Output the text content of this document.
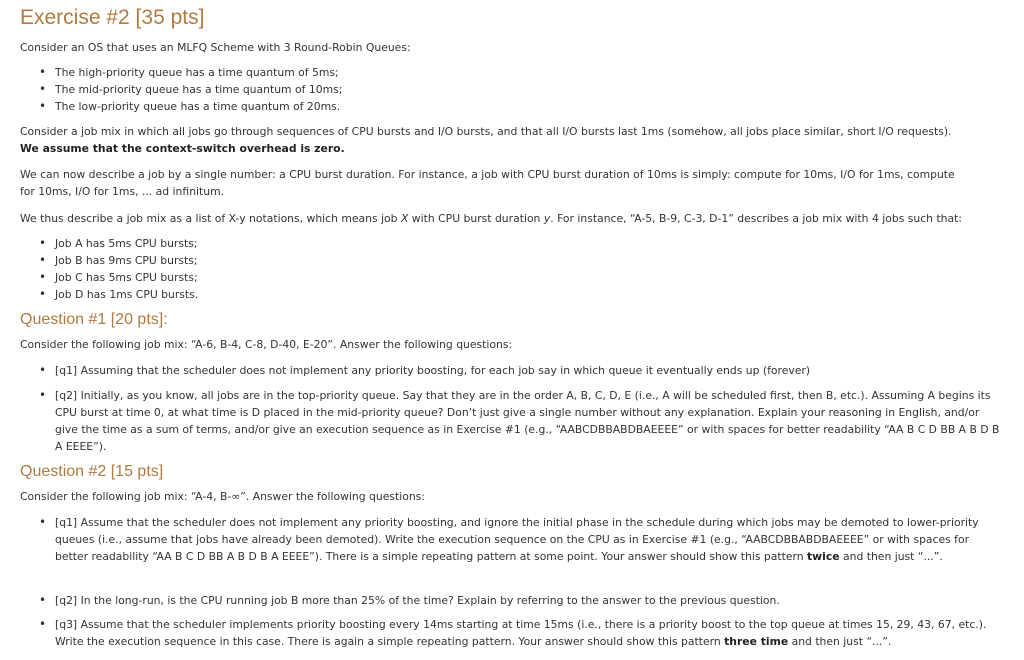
Exercise #2 [35 pts]

Consider an OS that uses an MLFQ Scheme with 3 Round-Robin Queues:

• The high-priority queue has a time quantum of 5ms;

• The mid-priority queue has a time quantum of 10ms;

• The low-priority queue has a time quantum of 20ms.

Consider a job mix in which all jobs go through sequences of CPU bursts and I/O bursts, and that all I/O bursts last 1ms (somehow, all jobs place similar, short I/O requests).
We assume that the context-switch overhead is zero.

We can now describe a job by a single number: a CPU burst duration. For instance, a job with CPU burst duration of 10ms is simply: compute for 10ms, I/O for 1ms, compute
for 10ms, I/O for 1ms, ... ad infinitum.

We thus describe a job mix as a list of X-y notations, which means job X with CPU burst duration y. For instance, “A-5, B-9, C-3, D-1” describes a job mix with 4 jobs such that:

• Job A has 5ms CPU bursts;

• Job B has 9ms CPU bursts;

• Job C has 5ms CPU bursts;

• Job D has 1ms CPU bursts.

Question #1 [20 pts]:

Consider the following job mix: “A-6, B-4, C-8, D-40, E-20”. Answer the following questions:

• [q1] Assuming that the scheduler does not implement any priority boosting, for each job say in which queue it eventually ends up (forever)

• [q2] Initially, as you know, all jobs are in the top-priority queue. Say that they are in the order A, B, C, D, E (i.e., A will be scheduled first, then B, etc.). Assuming A begins its CPU burst at time 0, at what time is D placed in the mid-priority queue? Don’t just give a single number without any explanation. Explain your reasoning in English, and/or give the time as a sum of terms, and/or give an execution sequence as in Exercise #1 (e.g., “AABCDBBABDBAEEEE” or with spaces for better readability “AA B C D BB A B D B A EEEE”).

Question #2 [15 pts]

Consider the following job mix: “A-4, B-∞”. Answer the following questions:

• [q1] Assume that the scheduler does not implement any priority boosting, and ignore the initial phase in the schedule during which jobs may be demoted to lower-priority queues (i.e., assume that jobs have already been demoted). Write the execution sequence on the CPU as in Exercise #1 (e.g., “AABCDBBABDBAEEEE” or with spaces for better readability “AA B C D BB A B D B A EEEE”). There is a simple repeating pattern at some point. Your answer should show this pattern twice and then just “...”.

• [q2] In the long-run, is the CPU running job B more than 25% of the time? Explain by referring to the answer to the previous question.

• [q3] Assume that the scheduler implements priority boosting every 14ms starting at time 15ms (i.e., there is a priority boost to the top queue at times 15, 29, 43, 67, etc.). Write the execution sequence in this case. There is again a simple repeating pattern. Your answer should show this pattern three time and then just “...”.
